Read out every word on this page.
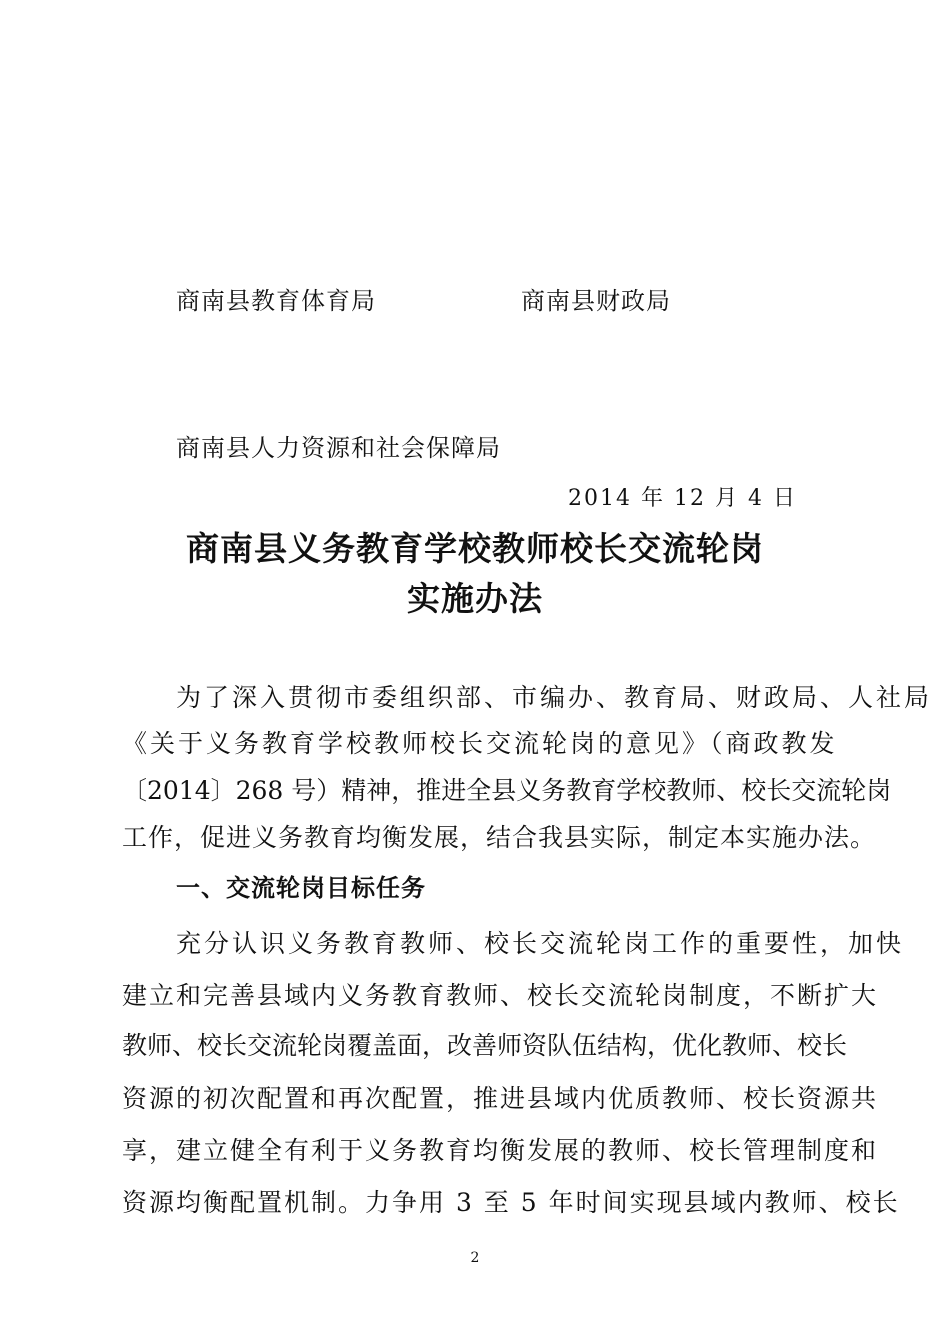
商南县教育体育局	商南县财政局
商南县人力资源和社会保障局
2014 年 12 月 4 日
商南县义务教育学校教师校长交流轮岗
实施办法
为了深入贯彻市委组织部、市编办、教育局、财政局、人社局
《关于义务教育学校教师校长交流轮岗的意见》（商政教发
〔2014〕268 号）精神，推进全县义务教育学校教师、校长交流轮岗
工作，促进义务教育均衡发展，结合我县实际，制定本实施办法。
一、交流轮岗目标任务
充分认识义务教育教师、校长交流轮岗工作的重要性，加快
建立和完善县域内义务教育教师、校长交流轮岗制度，不断扩大
教师、校长交流轮岗覆盖面，改善师资队伍结构，优化教师、校长
资源的初次配置和再次配置，推进县域内优质教师、校长资源共
享，建立健全有利于义务教育均衡发展的教师、校长管理制度和
资源均衡配置机制。力争用 3 至 5 年时间实现县域内教师、校长
2
